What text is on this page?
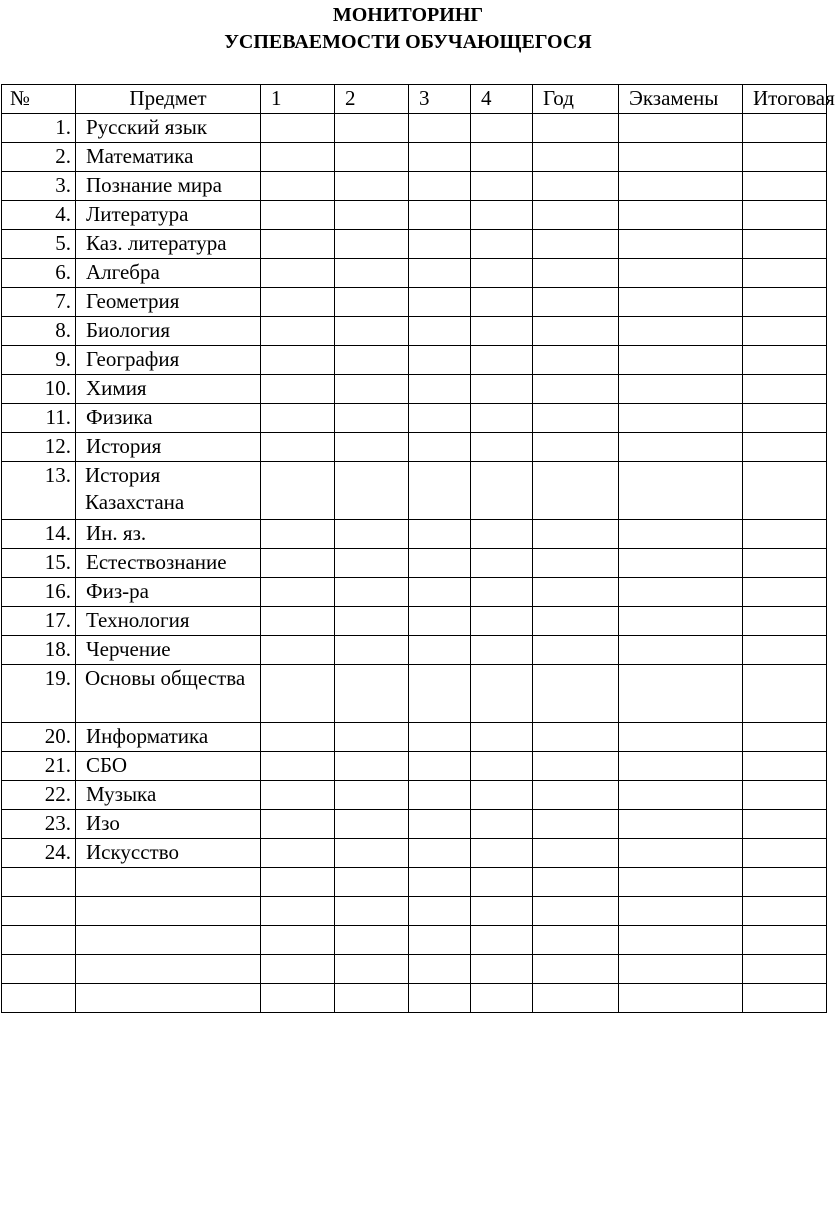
МОНИТОРИНГ
УСПЕВАЕМОСТИ ОБУЧАЮЩЕГОСЯ
№	Предмет	1	2	3	4	Год	Экзамены	Итоговая
1.	Русский язык							
2.	Математика							
3.	Познание мира							
4.	Литература							
5.	Каз. литература							
6.	Алгебра							
7.	Геометрия							
8.	Биология							
9.	География							
10.	Химия							
11.	Физика							
12.	История							
13.	История Казахстана							
14.	Ин. яз.							
15.	Естествознание							
16.	Физ-ра							
17.	Технология							
18.	Черчение							
19.	Основы общества							
20.	Информатика							
21.	СБО							
22.	Музыка							
23.	Изо							
24.	Искусство							
